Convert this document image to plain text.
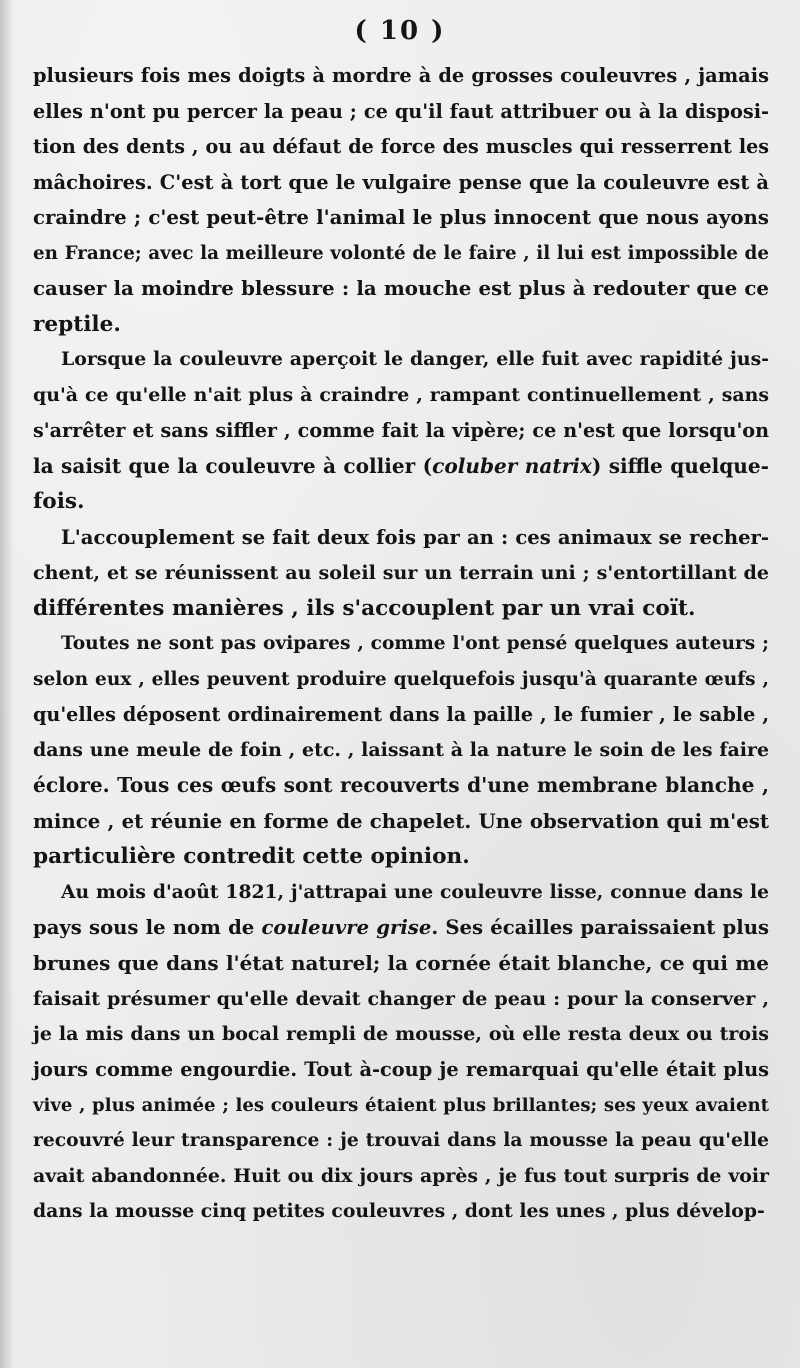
( 10 )
plusieurs fois mes doigts à mordre à de grosses couleuvres , jamais
elles n'ont pu percer la peau ; ce qu'il faut attribuer ou à la disposi-
tion des dents , ou au défaut de force des muscles qui resserrent les
mâchoires. C'est à tort que le vulgaire pense que la couleuvre est à
craindre ; c'est peut-être l'animal le plus innocent que nous ayons
en France; avec la meilleure volonté de le faire , il lui est impossible de
causer la moindre blessure : la mouche est plus à redouter que ce
reptile.
Lorsque la couleuvre aperçoit le danger, elle fuit avec rapidité jus-
qu'à ce qu'elle n'ait plus à craindre , rampant continuellement , sans
s'arrêter et sans siffler , comme fait la vipère; ce n'est que lorsqu'on
la saisit que la couleuvre à collier (coluber natrix) siffle quelque-
fois.
L'accouplement se fait deux fois par an : ces animaux se recher-
chent, et se réunissent au soleil sur un terrain uni ; s'entortillant de
différentes manières , ils s'accouplent par un vrai coït.
Toutes ne sont pas ovipares , comme l'ont pensé quelques auteurs ;
selon eux , elles peuvent produire quelquefois jusqu'à quarante œufs ,
qu'elles déposent ordinairement dans la paille , le fumier , le sable ,
dans une meule de foin , etc. , laissant à la nature le soin de les faire
éclore. Tous ces œufs sont recouverts d'une membrane blanche ,
mince , et réunie en forme de chapelet. Une observation qui m'est
particulière contredit cette opinion.
Au mois d'août 1821, j'attrapai une couleuvre lisse, connue dans le
pays sous le nom de couleuvre grise. Ses écailles paraissaient plus
brunes que dans l'état naturel; la cornée était blanche, ce qui me
faisait présumer qu'elle devait changer de peau : pour la conserver ,
je la mis dans un bocal rempli de mousse, où elle resta deux ou trois
jours comme engourdie. Tout à-coup je remarquai qu'elle était plus
vive , plus animée ; les couleurs étaient plus brillantes; ses yeux avaient
recouvré leur transparence : je trouvai dans la mousse la peau qu'elle
avait abandonnée. Huit ou dix jours après , je fus tout surpris de voir
dans la mousse cinq petites couleuvres , dont les unes , plus dévelop-
